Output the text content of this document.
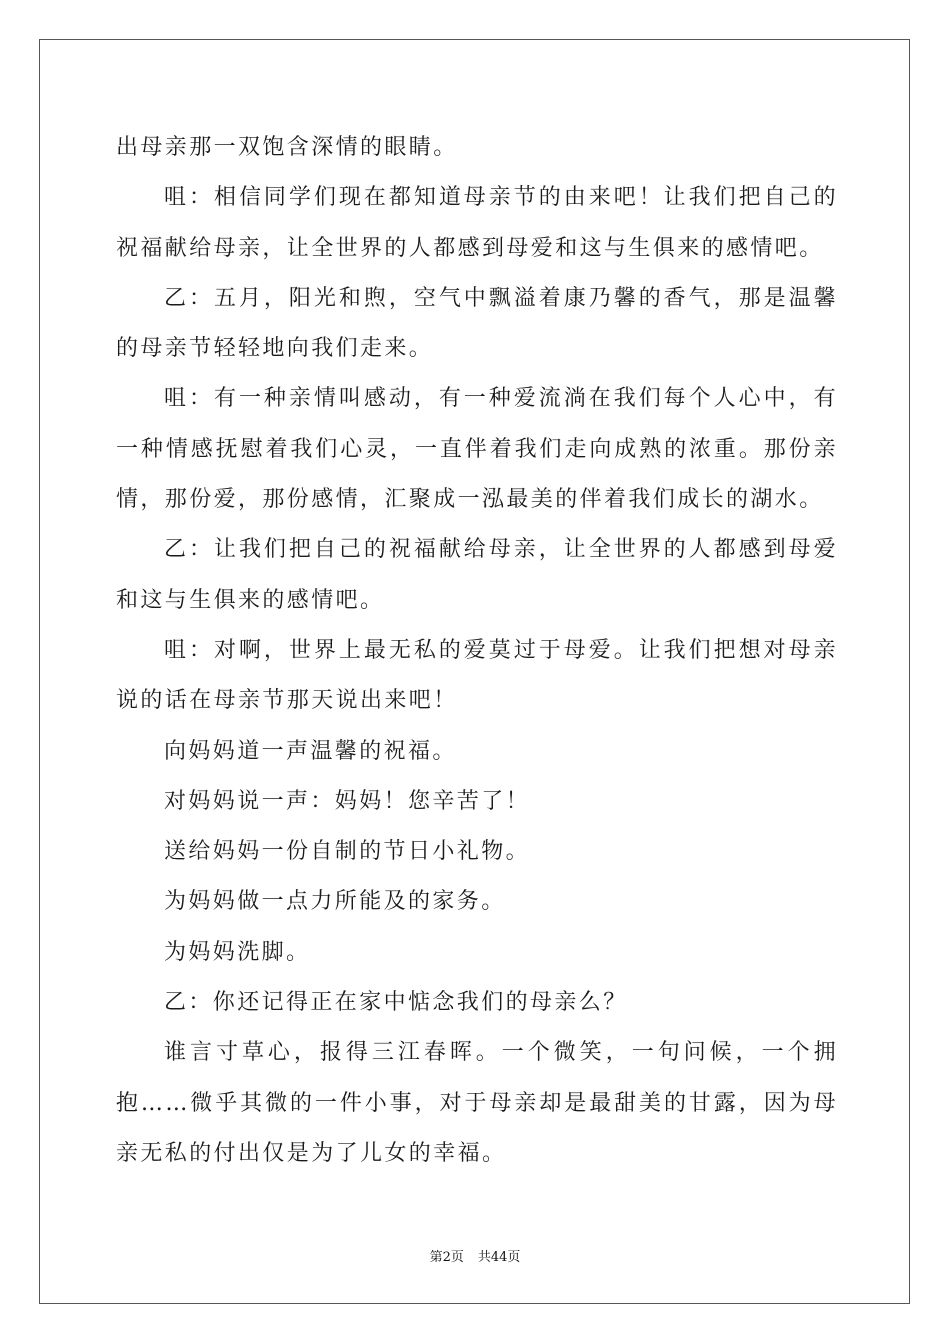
出母亲那一双饱含深情的眼睛。

咀：相信同学们现在都知道母亲节的由来吧！让我们把自己的祝福献给母亲，让全世界的人都感到母爱和这与生俱来的感情吧。

乙：五月，阳光和煦，空气中飘溢着康乃馨的香气，那是温馨的母亲节轻轻地向我们走来。

咀：有一种亲情叫感动，有一种爱流淌在我们每个人心中，有一种情感抚慰着我们心灵，一直伴着我们走向成熟的浓重。那份亲情，那份爱，那份感情，汇聚成一泓最美的伴着我们成长的湖水。

乙：让我们把自己的祝福献给母亲，让全世界的人都感到母爱和这与生俱来的感情吧。

咀：对啊，世界上最无私的爱莫过于母爱。让我们把想对母亲说的话在母亲节那天说出来吧！

向妈妈道一声温馨的祝福。

对妈妈说一声：妈妈！您辛苦了！

送给妈妈一份自制的节日小礼物。

为妈妈做一点力所能及的家务。

为妈妈洗脚。

乙：你还记得正在家中惦念我们的母亲么？

谁言寸草心，报得三江春晖。一个微笑，一句问候，一个拥抱……微乎其微的一件小事，对于母亲却是最甜美的甘露，因为母亲无私的付出仅是为了儿女的幸福。

第2页 共44页
